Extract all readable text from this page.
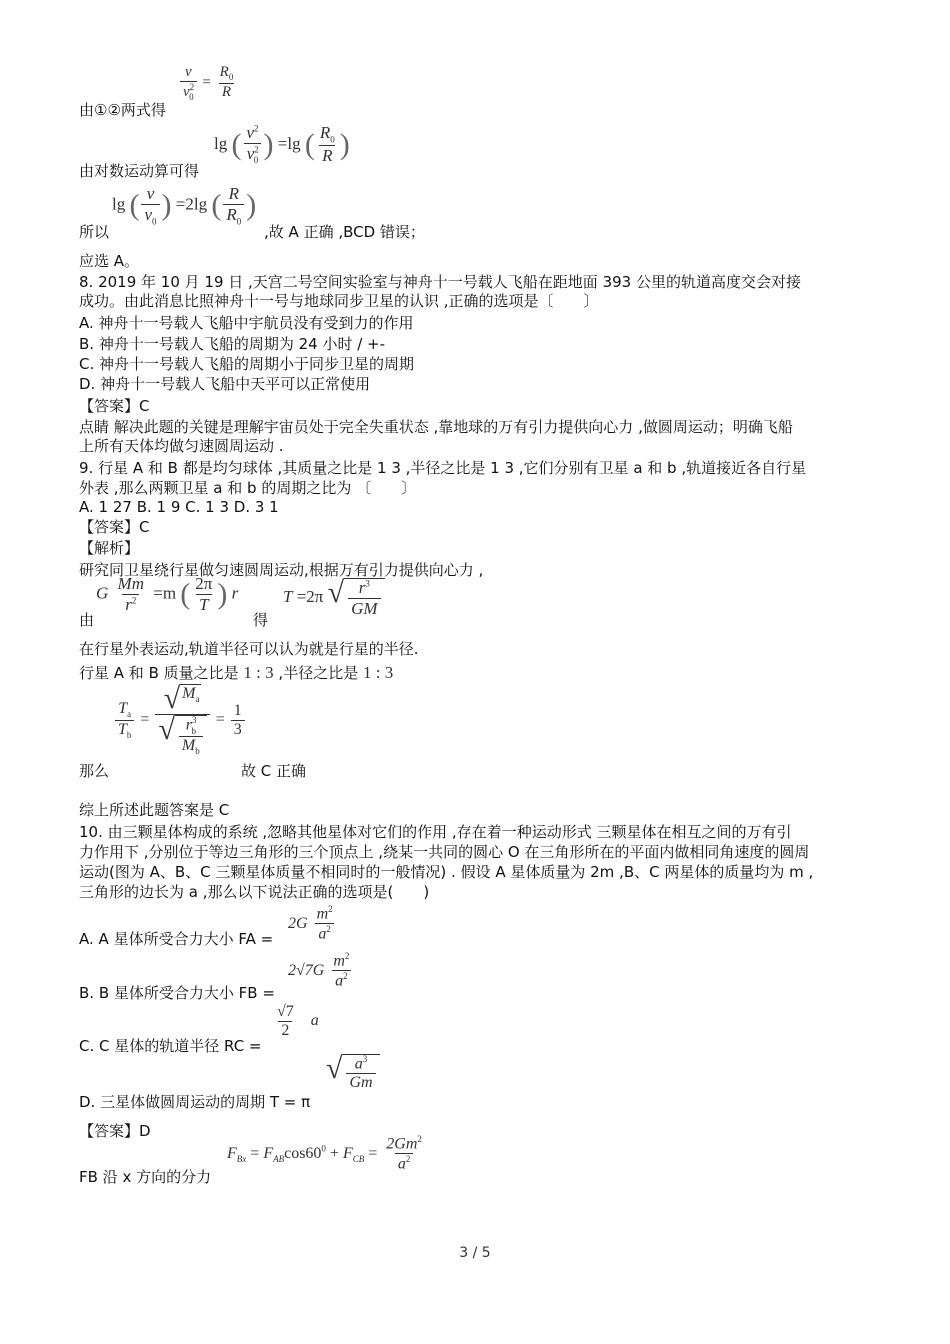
由①②两式得
$\frac{v}{v^2_0} = \frac{R_0}{R}$
由对数运动算可得
lg ( $\frac{v^2}{v^2_0}$ ) =lg ( $\frac{R_0}{R}$ )
所以
lg ( $\frac{v}{v_0}$ ) =2lg ( $\frac{R}{R_0}$ )
,故 A 正确 ,BCD 错误；
应选 A。
8. 2019 年 10 月 19 日 ,天宫二号空间实验室与神舟十一号载人飞船在距地面 393 公里的轨道高度交会对接
成功。由此消息比照神舟十一号与地球同步卫星的认识 ,正确的选项是〔　　〕
A. 神舟十一号载人飞船中宇航员没有受到力的作用
B. 神舟十一号载人飞船的周期为 24 小时 / +-
C. 神舟十一号载人飞船的周期小于同步卫星的周期
D. 神舟十一号载人飞船中天平可以正常使用
【答案】C
点睛 解决此题的关键是理解宇宙员处于完全失重状态 ,靠地球的万有引力提供向心力 ,做圆周运动；明确飞船
上所有天体均做匀速圆周运动 .
9. 行星 A 和 B 都是均匀球体 ,其质量之比是 1 3 ,半径之比是 1 3 ,它们分别有卫星 a 和 b ,轨道接近各自行星
外表 ,那么两颗卫星 a 和 b 的周期之比为 〔　　〕
A. 1 27 B. 1 9 C. 1 3 D. 3 1
【答案】C
【解析】
研究同卫星绕行星做匀速圆周运动,根据万有引力提供向心力 ,
由
G $\frac{Mm}{r^2} =m$ ( $\frac{2\pi}{T}$ ) r
得
T =2π √ $\frac{r^3}{GM}$
在行星外表运动,轨道半径可以认为就是行星的半径.
行星 A 和 B 质量之比是 1 : 3 ,半径之比是 1 : 3
$\frac{T_a}{T_b} = \frac{√ M_a}{√ \frac{r^3_b}{M_b}} = \frac{1}{3}$
那么	故 C 正确
综上所述此题答案是 C
10. 由三颗星体构成的系统 ,忽略其他星体对它们的作用 ,存在着一种运动形式 三颗星体在相互之间的万有引
力作用下 ,分别位于等边三角形的三个顶点上 ,绕某一共同的圆心 O 在三角形所在的平面内做相同角速度的圆周
运动(图为 A、B、C 三颗星体质量不相同时的一般情况) . 假设 A 星体质量为 2m ,B、C 两星体的质量均为 m ,
三角形的边长为 a ,那么以下说法正确的选项是(　　)
A. A 星体所受合力大小 FA =
$2G \frac{m^2}{a^2}$
B. B 星体所受合力大小 FB =
$2√7G \frac{m^2}{a^2}$
C. C 星体的轨道半径 RC =
$\frac{√7}{2}$ a
D. 三星体做圆周运动的周期 T = π
√ $\frac{a^3}{Gm}$
【答案】D
FB 沿 x 方向的分力
$F_{Bx} = F_{AB}\cos 60^0 + F_{CB} = \frac{2Gm^2}{a^2}$
3 / 5
